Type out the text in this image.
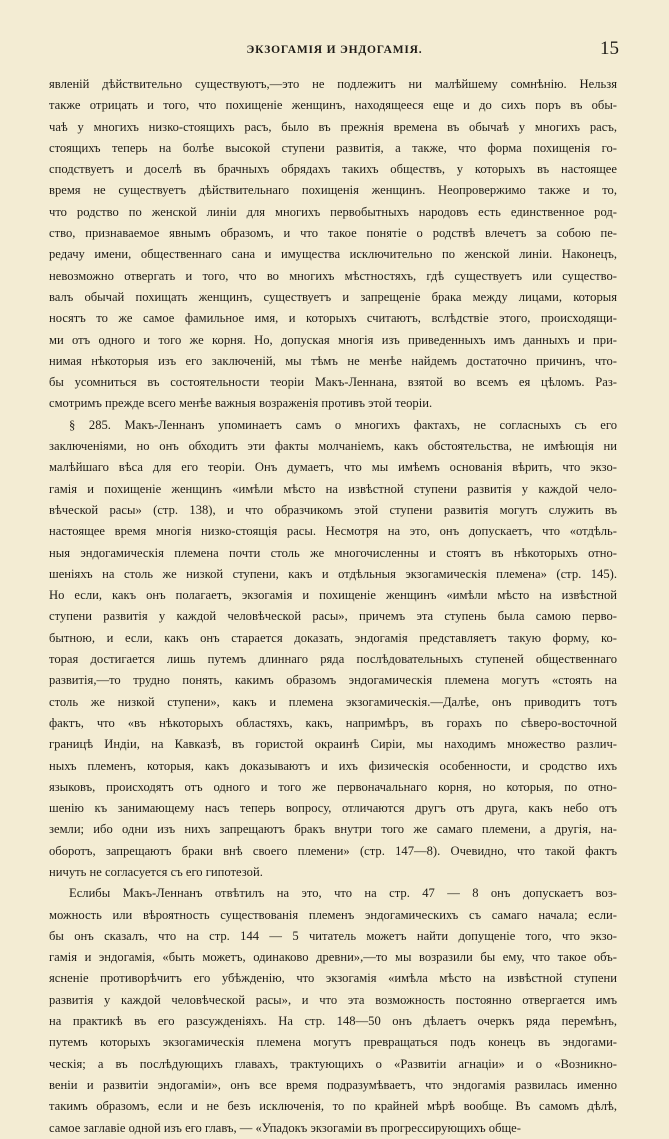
ЭКЗОГАМІЯ И ЭНДОГАМІЯ.	15
явленій дѣйствительно существуютъ,—это не подлежитъ ни малѣйшему сомнѣнію. Нельзя
также отрицать и того, что похищеніе женщинъ, находящееся еще и до сихъ поръ въ обы-
чаѣ у многихъ низко-стоящихъ расъ, было въ прежнія времена въ обычаѣ у многихъ расъ,
стоящихъ теперь на болѣе высокой ступени развитія, а также, что форма похищенія го-
сподствуетъ и доселѣ въ брачныхъ обрядахъ такихъ обществъ, у которыхъ въ настоящее
время не существуетъ дѣйствительнаго похищенія женщинъ. Неопровержимо также и то,
что родство по женской линіи для многихъ первобытныхъ народовъ есть единственное род-
ство, признаваемое явнымъ образомъ, и что такое понятіе о родствѣ влечетъ за собою пе-
редачу имени, общественнаго сана и имущества исключительно по женской линіи. Наконецъ,
невозможно отвергать и того, что во многихъ мѣстностяхъ, гдѣ существуетъ или существо-
валъ обычай похищать женщинъ, существуетъ и запрещеніе брака между лицами, которыя
носятъ то же самое фамильное имя, и которыхъ считаютъ, вслѣдствіе этого, происходящи-
ми отъ одного и того же корня. Но, допуская многія изъ приведенныхъ имъ данныхъ и при-
нимая нѣкоторыя изъ его заключеній, мы тѣмъ не менѣе найдемъ достаточно причинъ, что-
бы усомниться въ состоятельности теоріи Макъ-Леннана, взятой во всемъ ея цѣломъ. Раз-
смотримъ прежде всего менѣе важныя возраженія противъ этой теоріи.
§ 285. Макъ-Леннанъ упоминаетъ самъ о многихъ фактахъ, не согласныхъ съ его
заключеніями, но онъ обходитъ эти факты молчаніемъ, какъ обстоятельства, не имѣющія ни
малѣйшаго вѣса для его теоріи. Онъ думаетъ, что мы имѣемъ основанія вѣрить, что экзо-
гамія и похищеніе женщинъ «имѣли мѣсто на извѣстной ступени развитія у каждой чело-
вѣческой расы» (стр. 138), и что образчикомъ этой ступени развитія могутъ служить въ
настоящее время многія низко-стоящія расы. Несмотря на это, онъ допускаетъ, что «отдѣль-
ныя эндогамическія племена почти столь же многочисленны и стоятъ въ нѣкоторыхъ отно-
шеніяхъ на столь же низкой ступени, какъ и отдѣльныя экзогамическія племена» (стр. 145).
Но если, какъ онъ полагаетъ, экзогамія и похищеніе женщинъ «имѣли мѣсто на извѣстной
ступени развитія у каждой человѣческой расы», причемъ эта ступень была самою перво-
бытною, и если, какъ онъ старается доказать, эндогамія представляетъ такую форму, ко-
торая достигается лишь путемъ длиннаго ряда послѣдовательныхъ ступеней общественнаго
развитія,—то трудно понять, какимъ образомъ эндогамическія племена могутъ «стоять на
столь же низкой ступени», какъ и племена экзогамическія.—Далѣе, онъ приводитъ тотъ
фактъ, что «въ нѣкоторыхъ областяхъ, какъ, напримѣръ, въ горахъ по сѣверо-восточной
границѣ Индіи, на Кавказѣ, въ гористой окраинѣ Сиріи, мы находимъ множество различ-
ныхъ племенъ, которыя, какъ доказываютъ и ихъ физическія особенности, и сродство ихъ
языковъ, происходятъ отъ одного и того же первоначальнаго корня, но которыя, по отно-
шенію къ занимающему насъ теперь вопросу, отличаются другъ отъ друга, какъ небо отъ
земли; ибо одни изъ нихъ запрещаютъ бракъ внутри того же самаго племени, а другія, на-
оборотъ, запрещаютъ браки внѣ своего племени» (стр. 147—8). Очевидно, что такой фактъ
ничуть не согласуется съ его гипотезой.
Еслибы Макъ-Леннанъ отвѣтилъ на это, что на стр. 47 — 8 онъ допускаетъ воз-
можность или вѣроятность существованія племенъ эндогамическихъ съ самаго начала; если-
бы онъ сказалъ, что на стр. 144 — 5 читатель можетъ найти допущеніе того, что экзо-
гамія и эндогамія, «быть можетъ, одинаково древни»,—то мы возразили бы ему, что такое объ-
ясненіе противорѣчитъ его убѣжденію, что экзогамія «имѣла мѣсто на извѣстной ступени
развитія у каждой человѣческой расы», и что эта возможность постоянно отвергается имъ
на практикѣ въ его разсужденіяхъ. На стр. 148—50 онъ дѣлаетъ очеркъ ряда перемѣнъ,
путемъ которыхъ экзогамическія племена могутъ превращаться подъ конецъ въ эндогами-
ческія; а въ послѣдующихъ главахъ, трактующихъ о «Развитіи агнаціи» и о «Возникно-
веніи и развитіи эндогаміи», онъ все время подразумѣваетъ, что эндогамія развилась именно
такимъ образомъ, если и не безъ исключенія, то по крайней мѣрѣ вообще. Въ самомъ дѣлѣ,
самое заглавіе одной изъ его главъ, — «Упадокъ экзогаміи въ прогрессирующихъ обще-
